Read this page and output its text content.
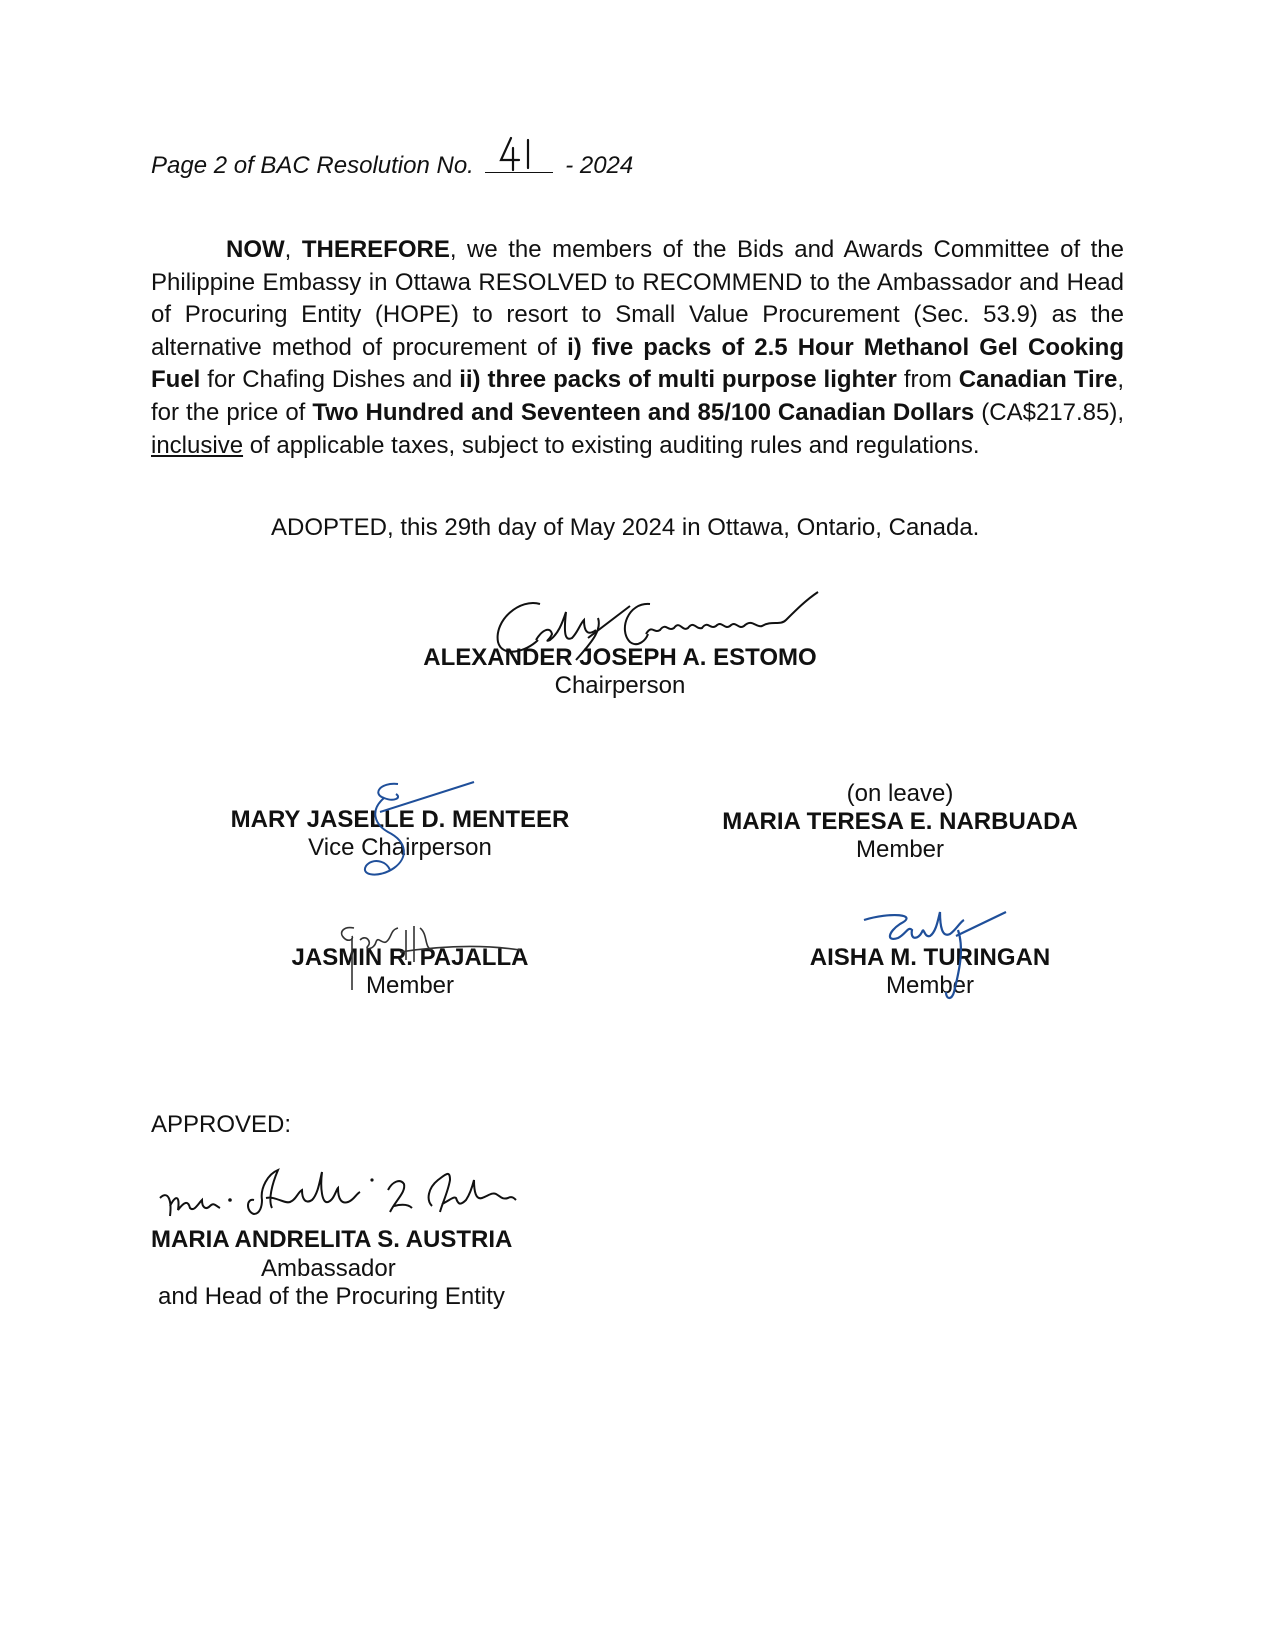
Page 2 of BAC Resolution No.	- 2024
NOW, THEREFORE, we the members of the Bids and Awards Committee of the Philippine Embassy in Ottawa RESOLVED to RECOMMEND to the Ambassador and Head of Procuring Entity (HOPE) to resort to Small Value Procurement (Sec. 53.9) as the alternative method of procurement of i) five packs of 2.5 Hour Methanol Gel Cooking Fuel for Chafing Dishes and ii) three packs of multi purpose lighter from Canadian Tire, for the price of Two Hundred and Seventeen and 85/100 Canadian Dollars (CA$217.85), inclusive of applicable taxes, subject to existing auditing rules and regulations.
ADOPTED, this 29th day of May 2024 in Ottawa, Ontario, Canada.
ALEXANDER JOSEPH A. ESTOMO
Chairperson
MARY JASELLE D. MENTEER
Vice Chairperson
(on leave)
MARIA TERESA E. NARBUADA
Member
JASMIN R. PAJALLA
Member
AISHA M. TURINGAN
Member
APPROVED:
MARIA ANDRELITA S. AUSTRIA
Ambassador
and Head of the Procuring Entity
